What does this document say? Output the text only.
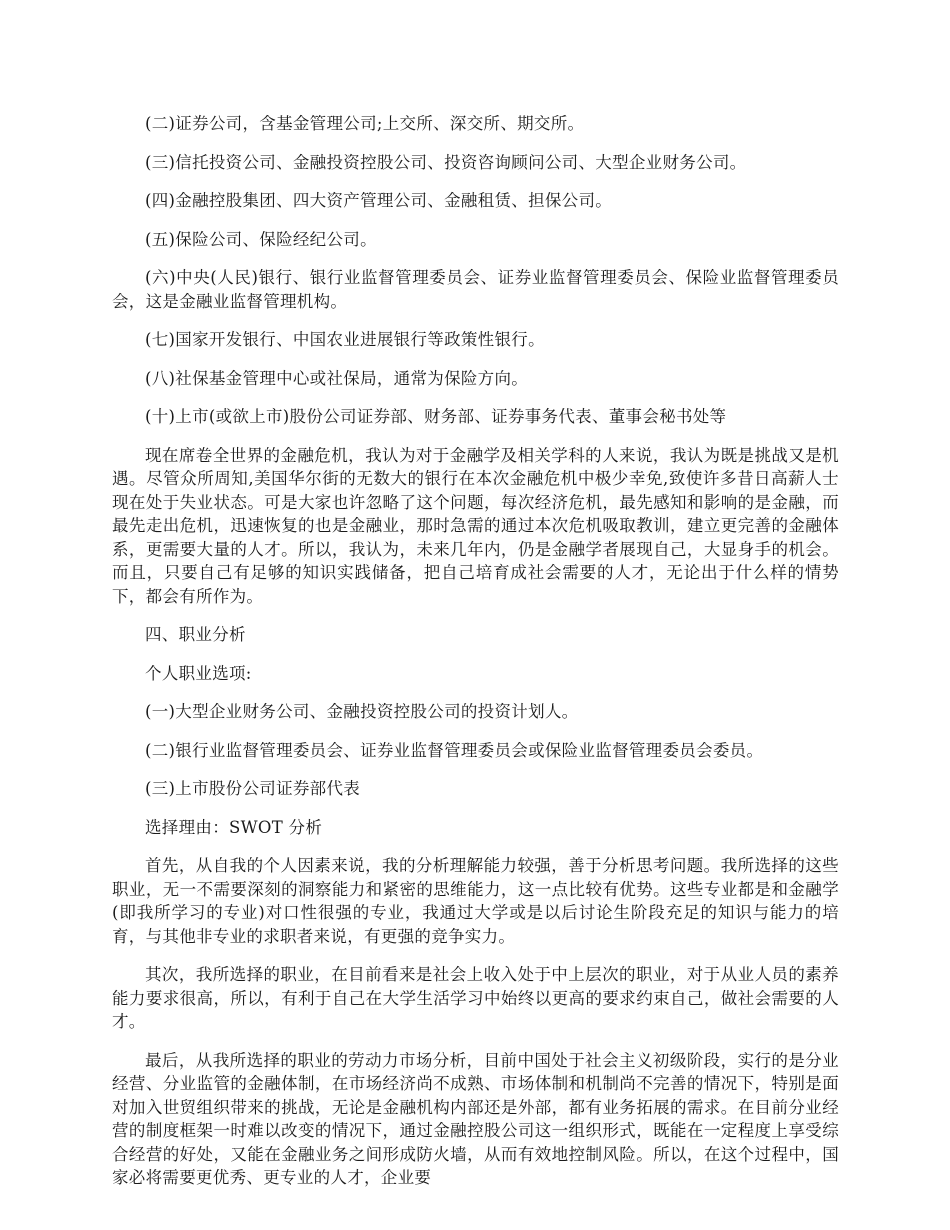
(二)证券公司，含基金管理公司;上交所、深交所、期交所。

(三)信托投资公司、金融投资控股公司、投资咨询顾问公司、大型企业财务公司。

(四)金融控股集团、四大资产管理公司、金融租赁、担保公司。

(五)保险公司、保险经纪公司。

(六)中央(人民)银行、银行业监督管理委员会、证券业监督管理委员会、保险业监督管理委员会，这是金融业监督管理机构。

(七)国家开发银行、中国农业进展银行等政策性银行。

(八)社保基金管理中心或社保局，通常为保险方向。

(十)上市(或欲上市)股份公司证券部、财务部、证券事务代表、董事会秘书处等

现在席卷全世界的金融危机，我认为对于金融学及相关学科的人来说，我认为既是挑战又是机遇。尽管众所周知,美国华尔街的无数大的银行在本次金融危机中极少幸免,致使许多昔日高薪人士现在处于失业状态。可是大家也许忽略了这个问题，每次经济危机，最先感知和影响的是金融，而最先走出危机，迅速恢复的也是金融业，那时急需的通过本次危机吸取教训，建立更完善的金融体系，更需要大量的人才。所以，我认为，未来几年内，仍是金融学者展现自己，大显身手的机会。而且，只要自己有足够的知识实践储备，把自己培育成社会需要的人才，无论出于什么样的情势下，都会有所作为。

四、职业分析

个人职业选项:

(一)大型企业财务公司、金融投资控股公司的投资计划人。

(二)银行业监督管理委员会、证券业监督管理委员会或保险业监督管理委员会委员。

(三)上市股份公司证券部代表

选择理由：SWOT 分析

首先，从自我的个人因素来说，我的分析理解能力较强，善于分析思考问题。我所选择的这些职业，无一不需要深刻的洞察能力和紧密的思维能力，这一点比较有优势。这些专业都是和金融学(即我所学习的专业)对口性很强的专业，我通过大学或是以后讨论生阶段充足的知识与能力的培育，与其他非专业的求职者来说，有更强的竞争实力。

其次，我所选择的职业，在目前看来是社会上收入处于中上层次的职业，对于从业人员的素养能力要求很高，所以，有利于自己在大学生活学习中始终以更高的要求约束自己，做社会需要的人才。

最后，从我所选择的职业的劳动力市场分析，目前中国处于社会主义初级阶段，实行的是分业经营、分业监管的金融体制，在市场经济尚不成熟、市场体制和机制尚不完善的情况下，特别是面对加入世贸组织带来的挑战，无论是金融机构内部还是外部，都有业务拓展的需求。在目前分业经营的制度框架一时难以改变的情况下，通过金融控股公司这一组织形式，既能在一定程度上享受综合经营的好处，又能在金融业务之间形成防火墙，从而有效地控制风险。所以，在这个过程中，国家必将需要更优秀、更专业的人才，企业要
